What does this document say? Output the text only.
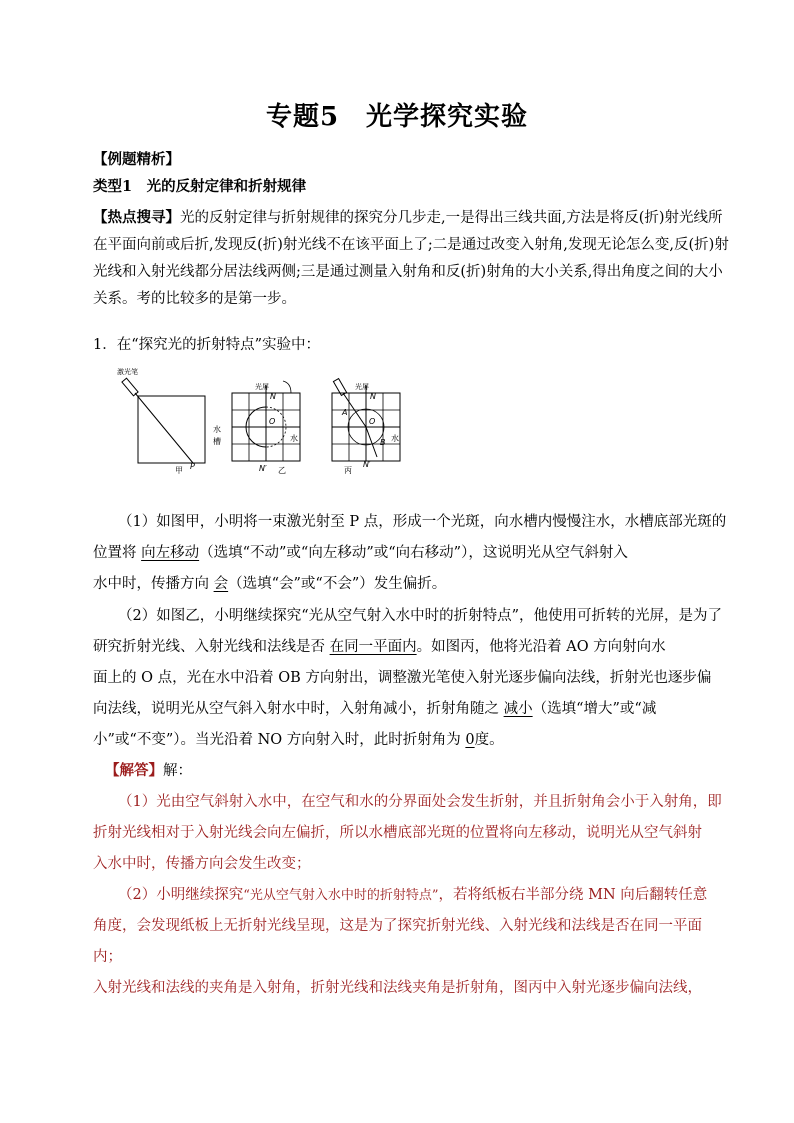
专题5　光学探究实验
【例题精析】
类型1　光的反射定律和折射规律
【热点搜寻】光的反射定律与折射规律的探究分几步走,一是得出三线共面,方法是将反(折)射光线所
在平面向前或后折,发现反(折)射光线不在该平面上了;二是通过改变入射角,发现无论怎么变,反(折)射
光线和入射光线都分居法线两侧;三是通过测量入射角和反(折)射角的大小关系,得出角度之间的大小
关系。考的比较多的是第一步。
1．在“探究光的折射特点”实验中：
激光笔
水
槽
甲 P
光屏
N
O
N′
水
乙
光屏
A
N
O
B
N′
水
丙
（1）如图甲，小明将一束激光射至 P 点，形成一个光斑，向水槽内慢慢注水，水槽底部光斑的
位置将 向左移动（选填“不动”或“向左移动”或“向右移动”），这说明光从空气斜射入
水中时，传播方向 会（选填“会”或“不会”）发生偏折。
（2）如图乙，小明继续探究“光从空气射入水中时的折射特点”，他使用可折转的光屏，是为了
研究折射光线、入射光线和法线是否 在同一平面内。如图丙，他将光沿着 AO 方向射向水
面上的 O 点，光在水中沿着 OB 方向射出，调整激光笔使入射光逐步偏向法线，折射光也逐步偏
向法线，说明光从空气斜入射水中时，入射角减小，折射角随之 减小（选填“增大”或“减
小”或“不变”）。当光沿着 NO 方向射入时，此时折射角为 0度。
【解答】解：
（1）光由空气斜射入水中，在空气和水的分界面处会发生折射，并且折射角会小于入射角，即
折射光线相对于入射光线会向左偏折，所以水槽底部光斑的位置将向左移动，说明光从空气斜射
入水中时，传播方向会发生改变；
（2）小明继续探究“光从空气射入水中时的折射特点”，若将纸板右半部分绕 MN 向后翻转任意
角度，会发现纸板上无折射光线呈现，这是为了探究折射光线、入射光线和法线是否在同一平面
内；
入射光线和法线的夹角是入射角，折射光线和法线夹角是折射角，图丙中入射光逐步偏向法线，
